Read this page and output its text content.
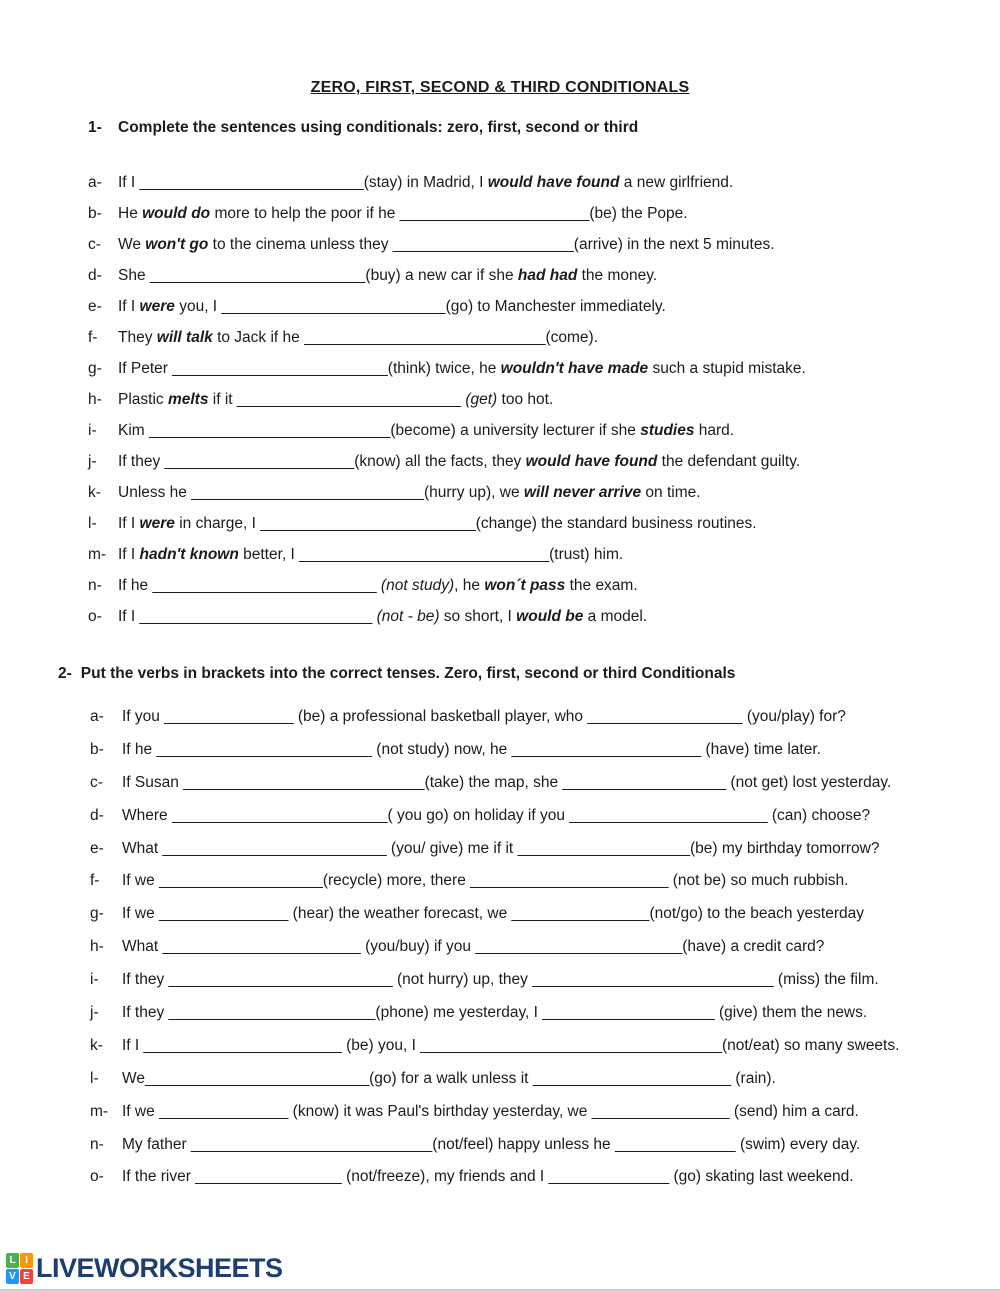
ZERO, FIRST, SECOND & THIRD CONDITIONALS
1-	Complete the sentences using conditionals: zero, first, second or third
a-	If I __________________________(stay) in Madrid, I would have found a new girlfriend.
b-	He would do more to help the poor if he ______________________(be) the Pope.
c-	We won't go to the cinema unless they _____________________(arrive) in the next 5 minutes.
d-	She _________________________(buy) a new car if she had had the money.
e-	If I were you, I __________________________(go) to Manchester immediately.
f-	They will talk to Jack if he ____________________________(come).
g-	If Peter _________________________(think) twice, he wouldn't have made such a stupid mistake.
h-	Plastic melts if it __________________________ (get) too hot.
i-	Kim ____________________________(become) a university lecturer if she studies hard.
j-	If they ______________________(know) all the facts, they would have found the defendant guilty.
k-	Unless he ___________________________(hurry up), we will never arrive on time.
l-	If I were in charge, I _________________________(change) the standard business routines.
m- If I hadn't known better, I _____________________________(trust) him.
n-	If he __________________________ (not study), he won´t pass the exam.
o-	If I ___________________________ (not - be) so short, I would be a model.
2- Put the verbs in brackets into the correct tenses. Zero, first, second or third Conditionals
a-	If you _______________ (be) a professional basketball player, who __________________ (you/play) for?
b-	If he _________________________ (not study) now, he ______________________ (have) time later.
c-	If Susan ____________________________(take) the map, she ___________________ (not get) lost yesterday.
d-	Where _________________________( you go) on holiday if you _______________________ (can) choose?
e-	What __________________________ (you/ give) me if it ____________________(be) my birthday tomorrow?
f-	If we ___________________(recycle) more, there _______________________ (not be) so much rubbish.
g-	If we _______________ (hear) the weather forecast, we ________________(not/go) to the beach yesterday
h-	What _______________________ (you/buy) if you ________________________(have) a credit card?
i-	If they __________________________ (not hurry) up, they ____________________________ (miss) the film.
j-	If they ________________________(phone) me yesterday, I ____________________ (give) them the news.
k-	If I _______________________ (be) you, I ___________________________________(not/eat) so many sweets.
l-	We__________________________(go) for a walk unless it _______________________ (rain).
m- If we _______________ (know) it was Paul's birthday yesterday, we ________________ (send) him a card.
n-	My father ____________________________(not/feel) happy unless he ______________ (swim) every day.
o-	If the river _________________ (not/freeze), my friends and I ______________ (go) skating last weekend.
L I
V E LIVEWORKSHEETS
